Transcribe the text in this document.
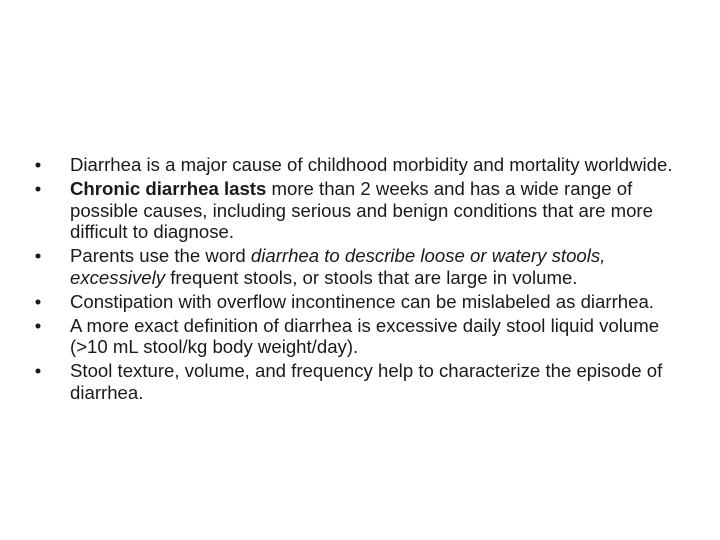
•	Diarrhea is a major cause of childhood morbidity and mortality worldwide.
•	Chronic diarrhea lasts more than 2 weeks and has a wide range of possible causes, including serious and benign conditions that are more difficult to diagnose.
•	Parents use the word diarrhea to describe loose or watery stools, excessively frequent stools, or stools that are large in volume.
•	Constipation with overflow incontinence can be mislabeled as diarrhea.
•	A more exact definition of diarrhea is excessive daily stool liquid volume (>10 mL stool/kg body weight/day).
•	Stool texture, volume, and frequency help to characterize the episode of diarrhea.
